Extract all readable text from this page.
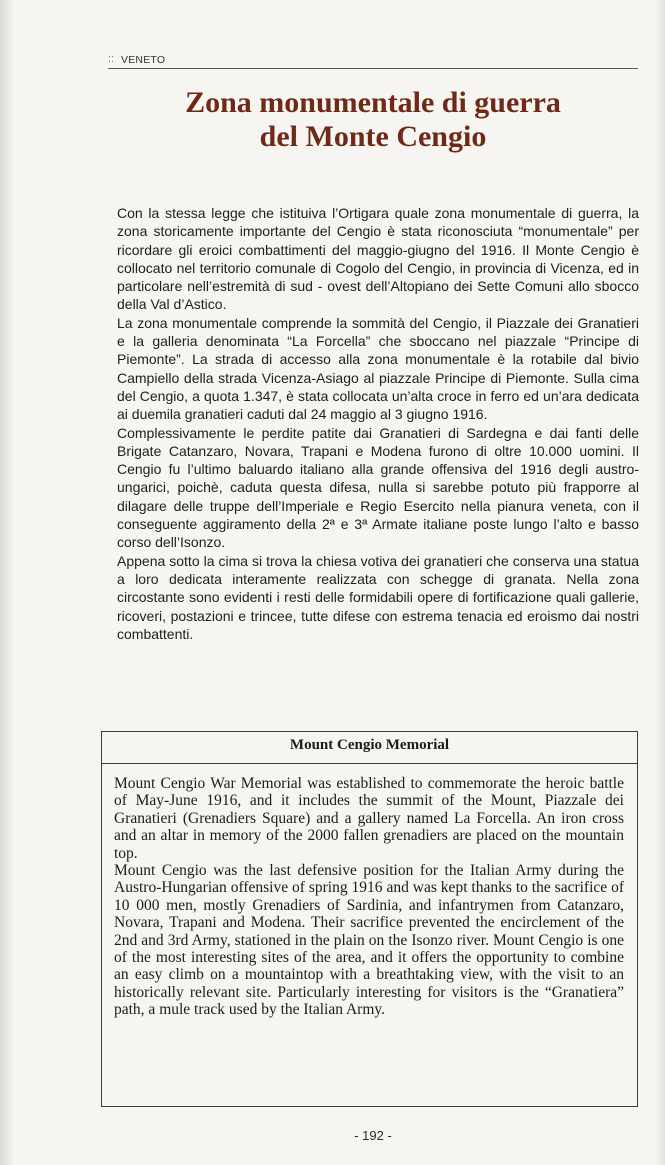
:: VENETO
Zona monumentale di guerra
del Monte Cengio

Con la stessa legge che istituiva l’Ortigara quale zona monumentale di guerra, la zona storicamente importante del Cengio è stata riconosciuta “monumentale” per ricordare gli eroici combattimenti del maggio-giugno del 1916. Il Monte Cengio è collocato nel territorio comunale di Cogolo del Cengio, in provincia di Vicenza, ed in particolare nell’estremità di sud - ovest dell’Altopiano dei Sette Comuni allo sbocco della Val d’Astico.

La zona monumentale comprende la sommità del Cengio, il Piazzale dei Granatieri e la galleria denominata “La Forcella” che sboccano nel piazzale “Principe di Piemonte”. La strada di accesso alla zona monumentale è la rotabile dal bivio Campiello della strada Vicenza-Asiago al piazzale Principe di Piemonte. Sulla cima del Cengio, a quota 1.347, è stata collocata un’alta croce in ferro ed un’ara dedicata ai duemila granatieri caduti dal 24 maggio al 3 giugno 1916.

Complessivamente le perdite patite dai Granatieri di Sardegna e dai fanti delle Brigate Catanzaro, Novara, Trapani e Modena furono di oltre 10.000 uomini. Il Cengio fu l’ultimo baluardo italiano alla grande offensiva del 1916 degli austro-ungarici, poichè, caduta questa difesa, nulla si sarebbe potuto più frapporre al dilagare delle truppe dell’Imperiale e Regio Esercito nella pianura veneta, con il conseguente aggiramento della 2ª e 3ª Armate italiane poste lungo l’alto e basso corso dell’Isonzo.

Appena sotto la cima si trova la chiesa votiva dei granatieri che conserva una statua a loro dedicata interamente realizzata con schegge di granata. Nella zona circostante sono evidenti i resti delle formidabili opere di fortificazione quali gallerie, ricoveri, postazioni e trincee, tutte difese con estrema tenacia ed eroismo dai nostri combattenti.

Mount Cengio Memorial

Mount Cengio War Memorial was established to commemorate the heroic battle of May-June 1916, and it includes the summit of the Mount, Piazzale dei Granatieri (Grenadiers Square) and a gallery named La Forcella. An iron cross and an altar in memory of the 2000 fallen grenadiers are placed on the mountain top.

Mount Cengio was the last defensive position for the Italian Army during the Austro-Hungarian offensive of spring 1916 and was kept thanks to the sacrifice of 10 000 men, mostly Grenadiers of Sardinia, and infantrymen from Catanzaro, Novara, Trapani and Modena. Their sacrifice prevented the encirclement of the 2nd and 3rd Army, stationed in the plain on the Isonzo river. Mount Cengio is one of the most interesting sites of the area, and it offers the opportunity to combine an easy climb on a mountaintop with a breathtaking view, with the visit to an historically relevant site. Particularly interesting for visitors is the “Granatiera” path, a mule track used by the Italian Army.

- 192 -
